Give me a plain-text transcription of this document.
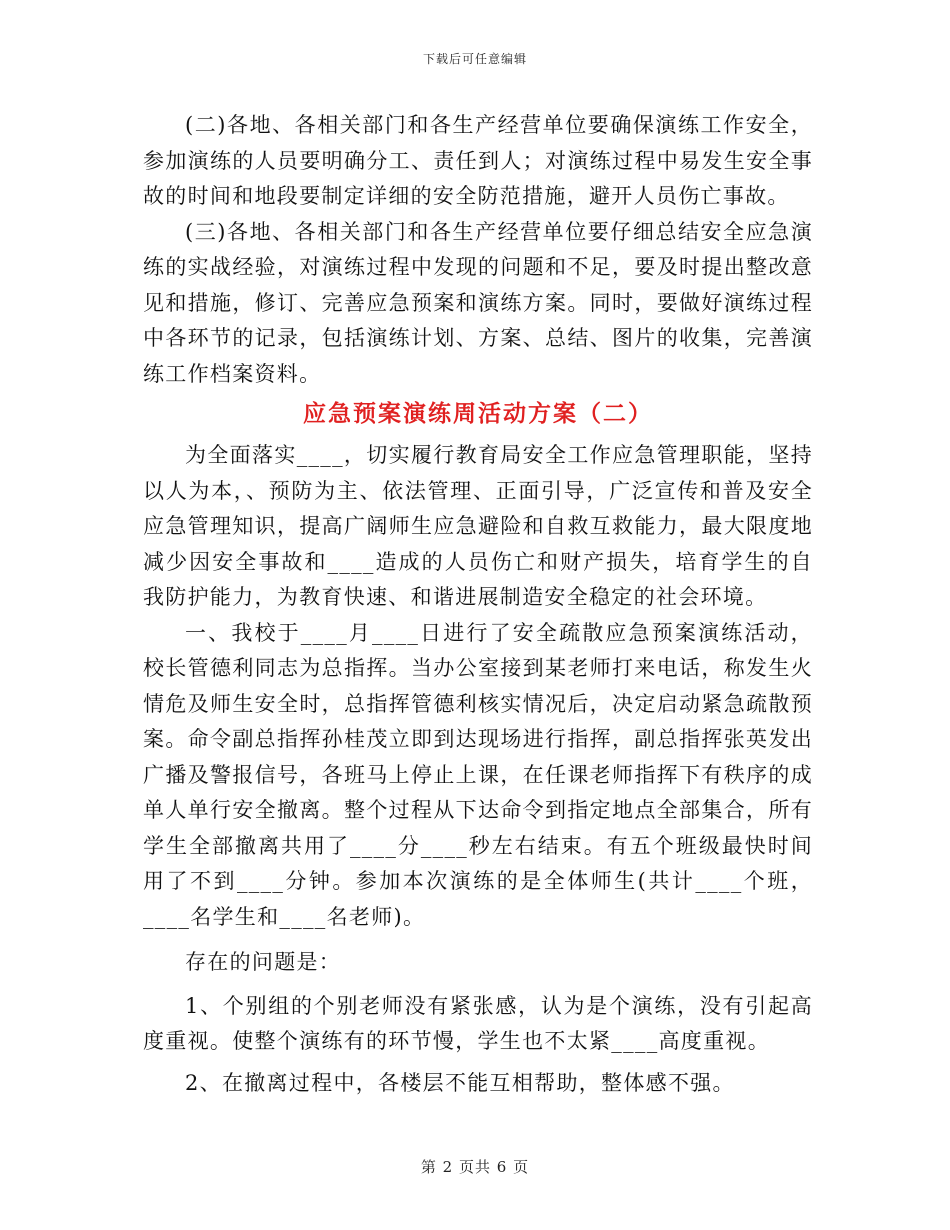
下载后可任意编辑

(二)各地、各相关部门和各生产经营单位要确保演练工作安全，参加演练的人员要明确分工、责任到人；对演练过程中易发生安全事故的时间和地段要制定详细的安全防范措施，避开人员伤亡事故。

(三)各地、各相关部门和各生产经营单位要仔细总结安全应急演练的实战经验，对演练过程中发现的问题和不足，要及时提出整改意见和措施，修订、完善应急预案和演练方案。同时，要做好演练过程中各环节的记录，包括演练计划、方案、总结、图片的收集，完善演练工作档案资料。

应急预案演练周活动方案（二）

为全面落实____，切实履行教育局安全工作应急管理职能，坚持以人为本，、预防为主、依法管理、正面引导，广泛宣传和普及安全应急管理知识，提高广阔师生应急避险和自救互救能力，最大限度地减少因安全事故和____造成的人员伤亡和财产损失，培育学生的自我防护能力，为教育快速、和谐进展制造安全稳定的社会环境。

一、我校于____月____日进行了安全疏散应急预案演练活动，校长管德利同志为总指挥。当办公室接到某老师打来电话，称发生火情危及师生安全时，总指挥管德利核实情况后，决定启动紧急疏散预案。命令副总指挥孙桂茂立即到达现场进行指挥，副总指挥张英发出广播及警报信号，各班马上停止上课，在任课老师指挥下有秩序的成单人单行安全撤离。整个过程从下达命令到指定地点全部集合，所有学生全部撤离共用了____分____秒左右结束。有五个班级最快时间用了不到____分钟。参加本次演练的是全体师生(共计____个班，____名学生和____名老师)。

存在的问题是：

1、个别组的个别老师没有紧张感，认为是个演练，没有引起高度重视。使整个演练有的环节慢，学生也不太紧____高度重视。

2、在撤离过程中，各楼层不能互相帮助，整体感不强。

第 2 页共 6 页
